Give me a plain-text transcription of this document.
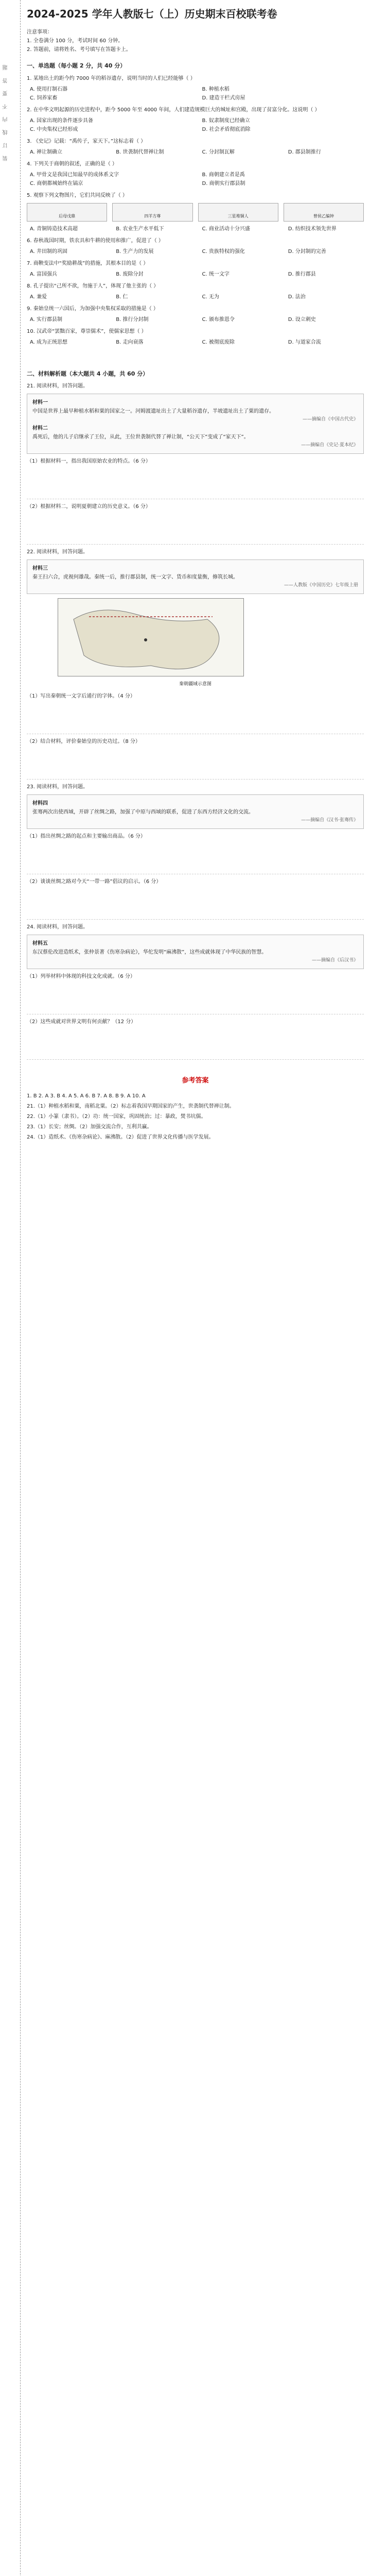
装 订 线 内 不 要 答 题
2024-2025 学年人教版七（上）历史期末百校联考卷
注意事项：
1. 全卷满分 100 分，考试时间 60 分钟。
2. 答题前，请将姓名、考号填写在答题卡上。
一、单选题（每小题 2 分，共 40 分）
1. 某地出土的距今约 7000 年的稻谷遗存，说明当时的人们已经能够（ ）
A. 使用打制石器	B. 种植水稻
C. 饲养家畜	D. 建造干栏式房屋
2. 在中华文明起源的历史进程中，距今 5000 年至 4000 年间，人们建造规模巨大的城址和宫殿，出现了贫富分化。这说明（ ）
A. 国家出现的条件逐步具备	B. 奴隶制度已经确立
C. 中央集权已经形成	D. 社会矛盾彻底消除
3. 《史记》记载：“禹传子，家天下。”这标志着（ ）
A. 禅让制确立	B. 世袭制代替禅让制	C. 分封制瓦解	D. 郡县制推行
4. 下列关于商朝的叙述，正确的是（ ）
A. 甲骨文是我国已知最早的成体系文字	B. 商朝建立者是禹
C. 商朝都城始终在镐京	D. 商朝实行郡县制
5. 观察下列文物图片，它们共同反映了（ ）
后母戊鼎	四羊方尊	三星堆铜人	曾侯乙编钟
A. 青铜铸造技术高超	B. 农业生产水平低下	C. 商业活动十分兴盛	D. 纺织技术领先世界
6. 春秋战国时期，铁农具和牛耕的使用和推广，促进了（ ）
A. 井田制的巩固	B. 生产力的发展	C. 贵族特权的强化	D. 分封制的完善
7. 商鞅变法中“奖励耕战”的措施，其根本目的是（ ）
A. 富国强兵	B. 废除分封	C. 统一文字	D. 推行郡县
8. 孔子提出“己所不欲，勿施于人”，体现了他主张的（ ）
A. 兼爱	B. 仁	C. 无为	D. 法治
9. 秦始皇统一六国后，为加强中央集权采取的措施是（ ）
A. 实行郡县制	B. 推行分封制	C. 颁布推恩令	D. 设立刺史
10. 汉武帝“罢黜百家，尊崇儒术”，使儒家思想（ ）
A. 成为正统思想	B. 走向衰落	C. 被彻底废除	D. 与道家合流
二、材料解析题（本大题共 4 小题，共 60 分）
21. 阅读材料，回答问题。
材料一
中国是世界上最早种植水稻和粟的国家之一。河姆渡遗址出土了大量稻谷遗存，半坡遗址出土了粟的遗存。
——摘编自《中国古代史》
材料二
禹死后，他的儿子启继承了王位，从此，王位世袭制代替了禅让制，“公天下”变成了“家天下”。
——摘编自《史记·夏本纪》
（1）根据材料一，指出我国原始农业的特点。（6 分）
（2）根据材料二，说明夏朝建立的历史意义。（6 分）
22. 阅读材料，回答问题。
材料三
秦王扫六合，虎视何雄哉。秦统一后，推行郡县制，统一文字、货币和度量衡，修筑长城。
——人教版《中国历史》七年级上册
秦朝疆域示意图
（1）写出秦朝统一文字后通行的字体。（4 分）
（2）结合材料，评价秦始皇的历史功过。（8 分）
23. 阅读材料，回答问题。
材料四
张骞两次出使西域，开辟了丝绸之路，加强了中原与西域的联系，促进了东西方经济文化的交流。
——摘编自《汉书·张骞传》
（1）指出丝绸之路的起点和主要输出商品。（6 分）
（2）谈谈丝绸之路对今天“一带一路”倡议的启示。（6 分）
24. 阅读材料，回答问题。
材料五
东汉蔡伦改进造纸术，张仲景著《伤寒杂病论》，华佗发明“麻沸散”，这些成就体现了中华民族的智慧。
——摘编自《后汉书》
（1）列举材料中体现的科技文化成就。（6 分）
（2）这些成就对世界文明有何贡献？（12 分）
参考答案

1. B 2. A 3. B 4. A 5. A 6. B 7. A 8. B 9. A 10. A

21.（1）种植水稻和粟，南稻北粟。（2）标志着我国早期国家的产生，世袭制代替禅让制。

22.（1）小篆（隶书）。（2）功：统一国家，巩固统治；过：暴政，焚书坑儒。

23.（1）长安；丝绸。（2）加强交流合作，互利共赢。

24.（1）造纸术、《伤寒杂病论》、麻沸散。（2）促进了世界文化传播与医学发展。
